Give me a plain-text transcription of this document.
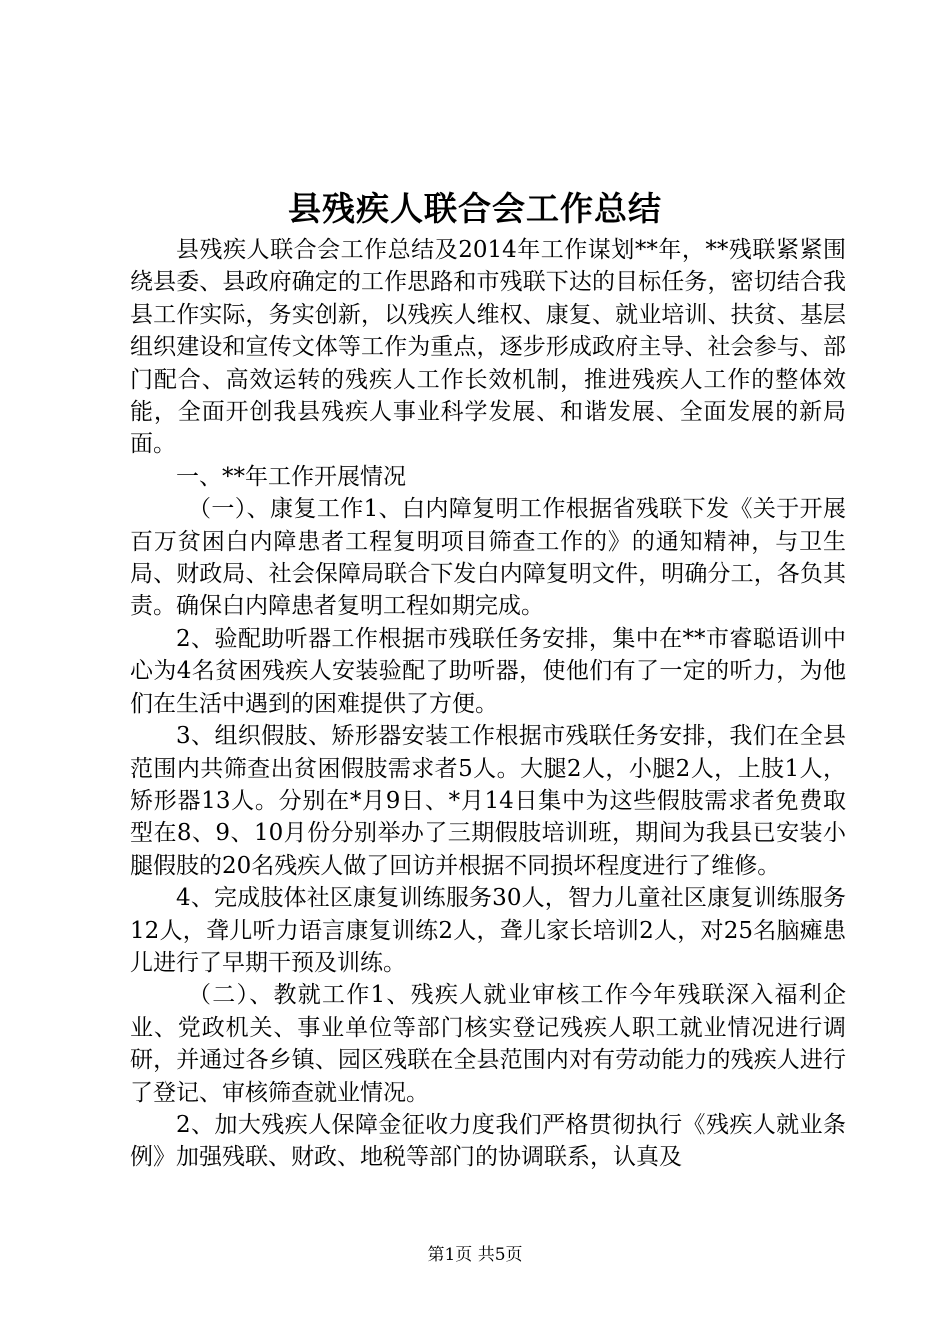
县残疾人联合会工作总结

县残疾人联合会工作总结及2014年工作谋划**年，**残联紧紧围绕县委、县政府确定的工作思路和市残联下达的目标任务，密切结合我县工作实际，务实创新，以残疾人维权、康复、就业培训、扶贫、基层组织建设和宣传文体等工作为重点，逐步形成政府主导、社会参与、部门配合、高效运转的残疾人工作长效机制，推进残疾人工作的整体效能，全面开创我县残疾人事业科学发展、和谐发展、全面发展的新局面。

一、**年工作开展情况

（一）、康复工作1、白内障复明工作根据省残联下发《关于开展百万贫困白内障患者工程复明项目筛查工作的》的通知精神，与卫生局、财政局、社会保障局联合下发白内障复明文件，明确分工，各负其责。确保白内障患者复明工程如期完成。

2、验配助听器工作根据市残联任务安排，集中在**市睿聪语训中心为4名贫困残疾人安装验配了助听器，使他们有了一定的听力，为他们在生活中遇到的困难提供了方便。

3、组织假肢、矫形器安装工作根据市残联任务安排，我们在全县范围内共筛查出贫困假肢需求者5人。大腿2人，小腿2人，上肢1人，矫形器13人。分别在*月9日、*月14日集中为这些假肢需求者免费取型在8、9、10月份分别举办了三期假肢培训班，期间为我县已安装小腿假肢的20名残疾人做了回访并根据不同损坏程度进行了维修。

4、完成肢体社区康复训练服务30人，智力儿童社区康复训练服务12人，聋儿听力语言康复训练2人，聋儿家长培训2人，对25名脑瘫患儿进行了早期干预及训练。

（二）、教就工作1、残疾人就业审核工作今年残联深入福利企业、党政机关、事业单位等部门核实登记残疾人职工就业情况进行调研，并通过各乡镇、园区残联在全县范围内对有劳动能力的残疾人进行了登记、审核筛查就业情况。

2、加大残疾人保障金征收力度我们严格贯彻执行《残疾人就业条例》加强残联、财政、地税等部门的协调联系，认真及

第1页 共5页
